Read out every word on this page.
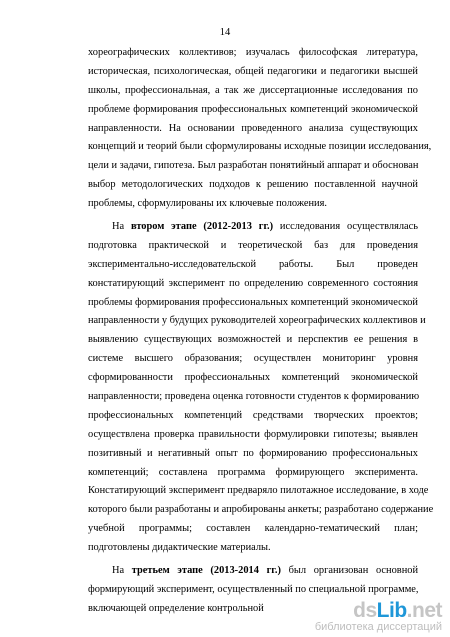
14
хореографических коллективов; изучалась философская литература,
историческая, психологическая, общей педагогики и педагогики высшей
школы, профессиональная, а так же диссертационные исследования по
проблеме формирования профессиональных компетенций экономической
направленности. На основании проведенного анализа существующих
концепций и теорий были сформулированы исходные позиции исследования,
цели и задачи, гипотеза. Был разработан понятийный аппарат и обоснован
выбор методологических подходов к решению поставленной научной
проблемы, сформулированы их ключевые положения.
На втором этапе (2012-2013 гг.) исследования осуществлялась
подготовка практической и теоретической баз для проведения
экспериментально-исследовательской работы. Был проведен
констатирующий эксперимент по определению современного состояния
проблемы формирования профессиональных компетенций экономической
направленности у будущих руководителей хореографических коллективов и
выявлению существующих возможностей и перспектив ее решения в
системе высшего образования; осуществлен мониторинг уровня
сформированности профессиональных компетенций экономической
направленности; проведена оценка готовности студентов к формированию
профессиональных компетенций средствами творческих проектов;
осуществлена проверка правильности формулировки гипотезы; выявлен
позитивный и негативный опыт по формированию профессиональных
компетенций; составлена программа формирующего эксперимента.
Констатирующий эксперимент предваряло пилотажное исследование, в ходе
которого были разработаны и апробированы анкеты; разработано содержание
учебной программы; составлен календарно-тематический план;
подготовлены дидактические материалы.
На третьем этапе (2013-2014 гг.) был организован основной
формирующий эксперимент, осуществленный по специальной программе,
включающей определение контрольной	dsLib.net
библиотека диссертаций
